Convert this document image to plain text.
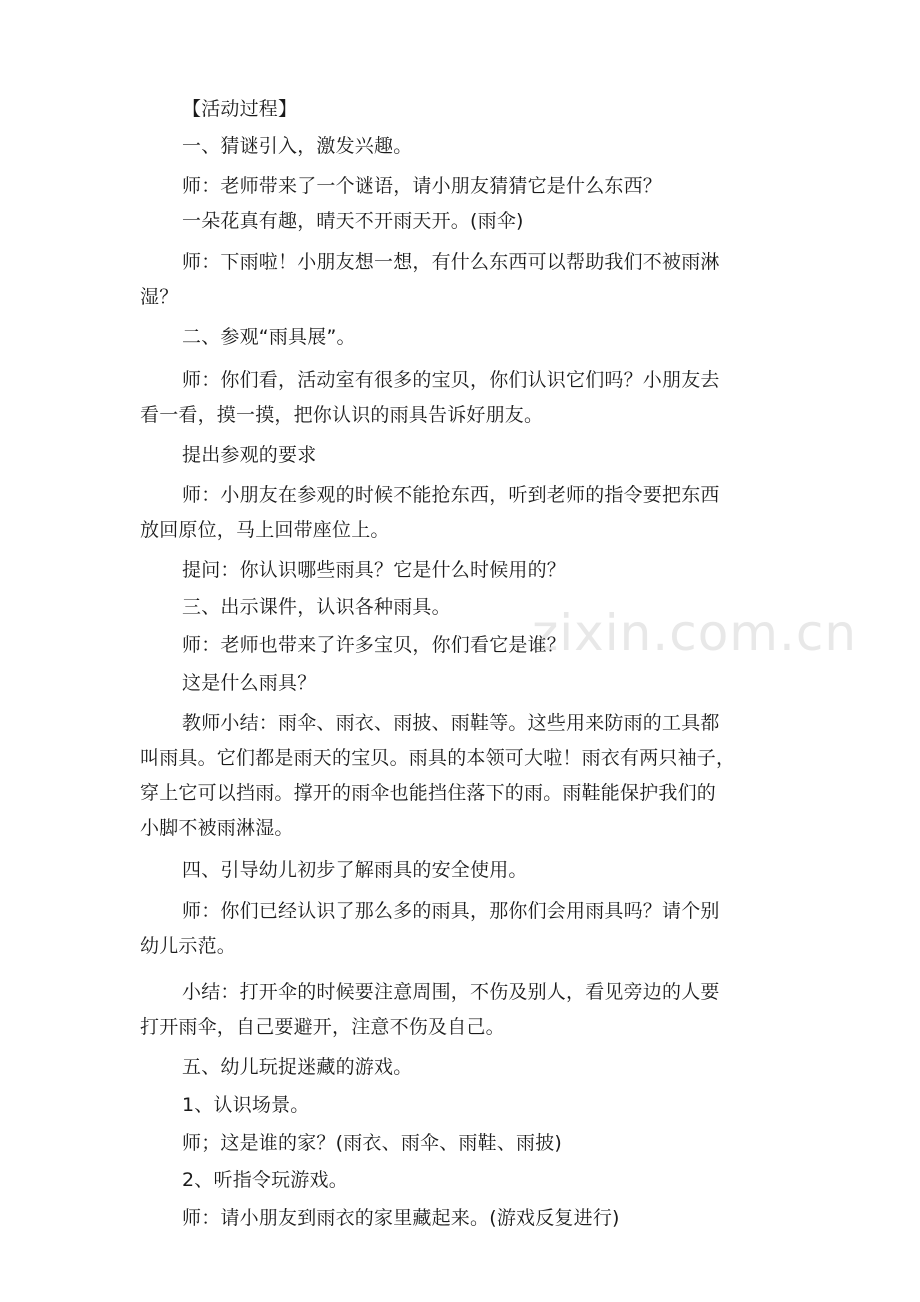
zixin.com.cn
【活动过程】
一、猜谜引入，激发兴趣。
师：老师带来了一个谜语，请小朋友猜猜它是什么东西？
一朵花真有趣，晴天不开雨天开。(雨伞)
师：下雨啦！小朋友想一想，有什么东西可以帮助我们不被雨淋
湿？
二、参观“雨具展”。
师：你们看，活动室有很多的宝贝，你们认识它们吗？小朋友去
看一看，摸一摸，把你认识的雨具告诉好朋友。
提出参观的要求
师：小朋友在参观的时候不能抢东西，听到老师的指令要把东西
放回原位，马上回带座位上。
提问：你认识哪些雨具？它是什么时候用的？
三、出示课件，认识各种雨具。
师：老师也带来了许多宝贝，你们看它是谁？
这是什么雨具？
教师小结：雨伞、雨衣、雨披、雨鞋等。这些用来防雨的工具都
叫雨具。它们都是雨天的宝贝。雨具的本领可大啦！雨衣有两只袖子，
穿上它可以挡雨。撑开的雨伞也能挡住落下的雨。雨鞋能保护我们的
小脚不被雨淋湿。
四、引导幼儿初步了解雨具的安全使用。
师：你们已经认识了那么多的雨具，那你们会用雨具吗？请个别
幼儿示范。
小结：打开伞的时候要注意周围，不伤及别人，看见旁边的人要
打开雨伞，自己要避开，注意不伤及自己。
五、幼儿玩捉迷藏的游戏。
1、认识场景。
师；这是谁的家？(雨衣、雨伞、雨鞋、雨披)
2、听指令玩游戏。
师：请小朋友到雨衣的家里藏起来。(游戏反复进行)
